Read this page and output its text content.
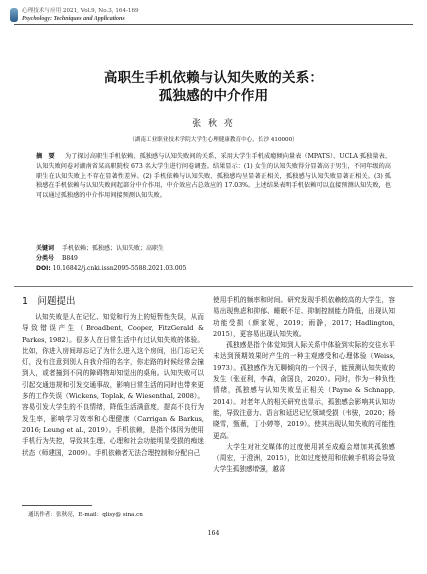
心理技术与应用 2021, Vol.9, No.3, 164-169
Psychology: Techniques and Applications
高职生手机依赖与认知失败的关系：
孤独感的中介作用
张 秋 亮
（湖南工业职业技术学院大学生心理健康教育中心，长沙 410000）
摘　要   为了探讨高职生手机依赖、孤独感与认知失败间的关系，采用大学生手机成瘾倾向量表（MPATS）、UCLA 孤独量表、认知失败问卷对湖南省某高职院校 673 名大学生进行问卷调查。结果显示：(1) 女生的认知失败得分显著高于男生，不同年级的高职生在认知失败上不存在显著性差异。(2) 手机依赖与认知失败、孤独感均呈显著正相关，孤独感与认知失败显著正相关。(3) 孤独感在手机依赖与认知失败间起部分中介作用，中介效应占总效应的 17.03%。上述结果表明手机依赖可以直接预测认知失败，也可以通过孤独感的中介作用间接预测认知失败。
关键词   手机依赖；孤独感；认知失败；高职生
分类号   B849
DOI: 10.16842/j.cnki.issn2095-5588.2021.03.005
1  问题提出

认知失败是人在记忆、知觉和行为上的短暂性失误，从而导致错误产生（Broadbent, Cooper, FitzGerald & Parkes, 1982）。很多人在日常生活中有过认知失败的体验。比如，你进入房间却忘记了为什么进入这个房间，出门忘记关灯，没有注意到别人自我介绍的名字，你走路的时候经常会撞到人，或者撞到不同的障碍物却知觉出的桌角。认知失败可以引起交通违规和引发交通事故，影响日常生活的同时也带来更多的工作失误（Wickens, Toplak, & Wiesenthal, 2008）。容易引发大学生的不良情绪，降低生活满意度，提高不良行为发生率，影响学习效率和心理健康（Carrigan & Barkus, 2016; Leung et al., 2019）。手机依赖，是指个体因为使用手机行为失控，导致其生理、心理和社会功能明显受损的痴迷状态（师建国，2009）。手机依赖者无法合理控制和分配自己

使用手机的频率和时间。研究发现手机依赖较高的大学生，容易出现焦虑和抑郁、睡眠不足、抑制控制能力降低，出现认知功能受损（颜家妮，2019；雨静，2017；Hadlington, 2015），更容易出现认知失败。

孤独感是指个体觉知到人际关系中体验到实际的交往水平未达到预期效果时产生的一种主观感受和心理体验（Weiss, 1973）。孤独感作为无聊倾向的一个因子，能预测认知失败的发生（张亚利，李森，俞国良，2020）。同时，作为一种负性情绪，孤独感与认知失败呈正相关（Payne & Schnapp, 2014）。对老年人的相关研究也显示，孤独感会影响其认知功能，导致注意力、语言和延迟记忆领域受损（韦骏，2020；杨晓雪，甄薇，丁小婷等，2019）。使其出现认知失败的可能性更高。

大学生对社交媒体的过度使用甚至成瘾会增加其孤独感（周宏，于澄洲，2015），比如过度使用和依赖手机将会导致大学生孤独感增强，越喜

通讯作者：张秋亮，E-mail：qlisy@ sina.cn
164
